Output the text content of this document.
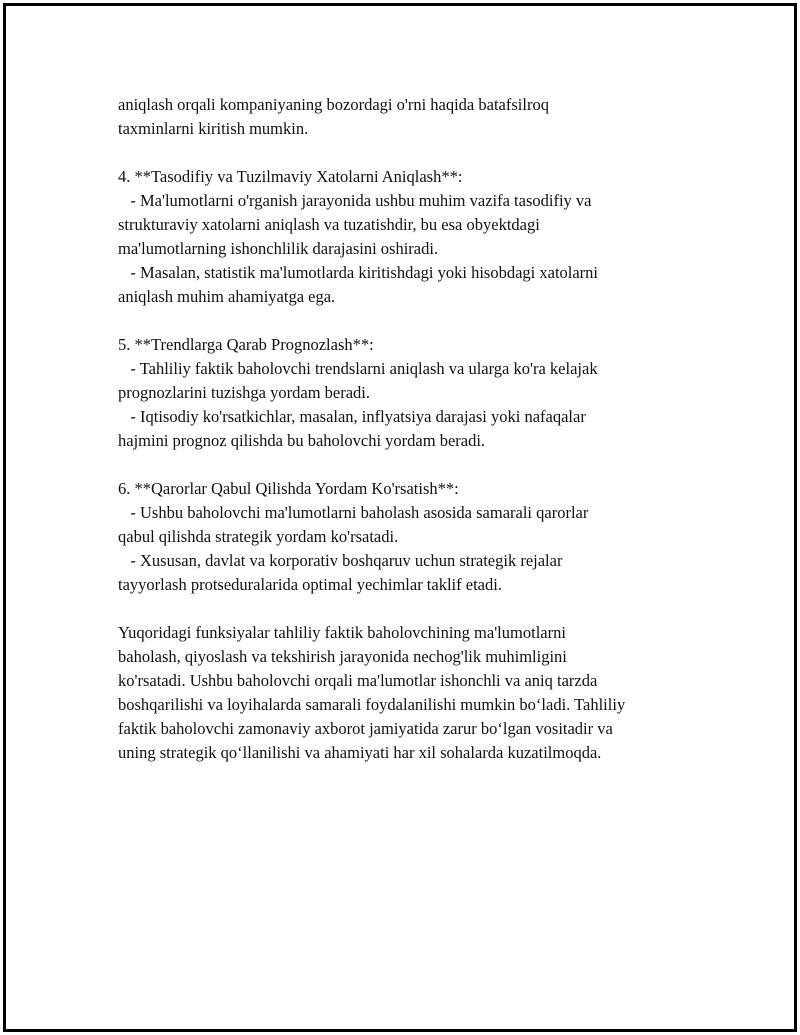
aniqlash orqali kompaniyaning bozordagi o'rni haqida batafsilroq
taxminlarni kiritish mumkin.
4. **Tasodifiy va Tuzilmaviy Xatolarni Aniqlash**:
- Ma'lumotlarni o'rganish jarayonida ushbu muhim vazifa tasodifiy va
strukturaviy xatolarni aniqlash va tuzatishdir, bu esa obyektdagi
ma'lumotlarning ishonchlilik darajasini oshiradi.
- Masalan, statistik ma'lumotlarda kiritishdagi yoki hisobdagi xatolarni
aniqlash muhim ahamiyatga ega.
5. **Trendlarga Qarab Prognozlash**:
- Tahliliy faktik baholovchi trendslarni aniqlash va ularga ko'ra kelajak
prognozlarini tuzishga yordam beradi.
- Iqtisodiy ko'rsatkichlar, masalan, inflyatsiya darajasi yoki nafaqalar
hajmini prognoz qilishda bu baholovchi yordam beradi.
6. **Qarorlar Qabul Qilishda Yordam Ko'rsatish**:
- Ushbu baholovchi ma'lumotlarni baholash asosida samarali qarorlar
qabul qilishda strategik yordam ko'rsatadi.
- Xususan, davlat va korporativ boshqaruv uchun strategik rejalar
tayyorlash protseduralarida optimal yechimlar taklif etadi.
Yuqoridagi funksiyalar tahliliy faktik baholovchining ma'lumotlarni
baholash, qiyoslash va tekshirish jarayonida nechog'lik muhimligini
ko'rsatadi. Ushbu baholovchi orqali ma'lumotlar ishonchli va aniq tarzda
boshqarilishi va loyihalarda samarali foydalanilishi mumkin bo‘ladi. Tahliliy
faktik baholovchi zamonaviy axborot jamiyatida zarur bo‘lgan vositadir va
uning strategik qo‘llanilishi va ahamiyati har xil sohalarda kuzatilmoqda.
